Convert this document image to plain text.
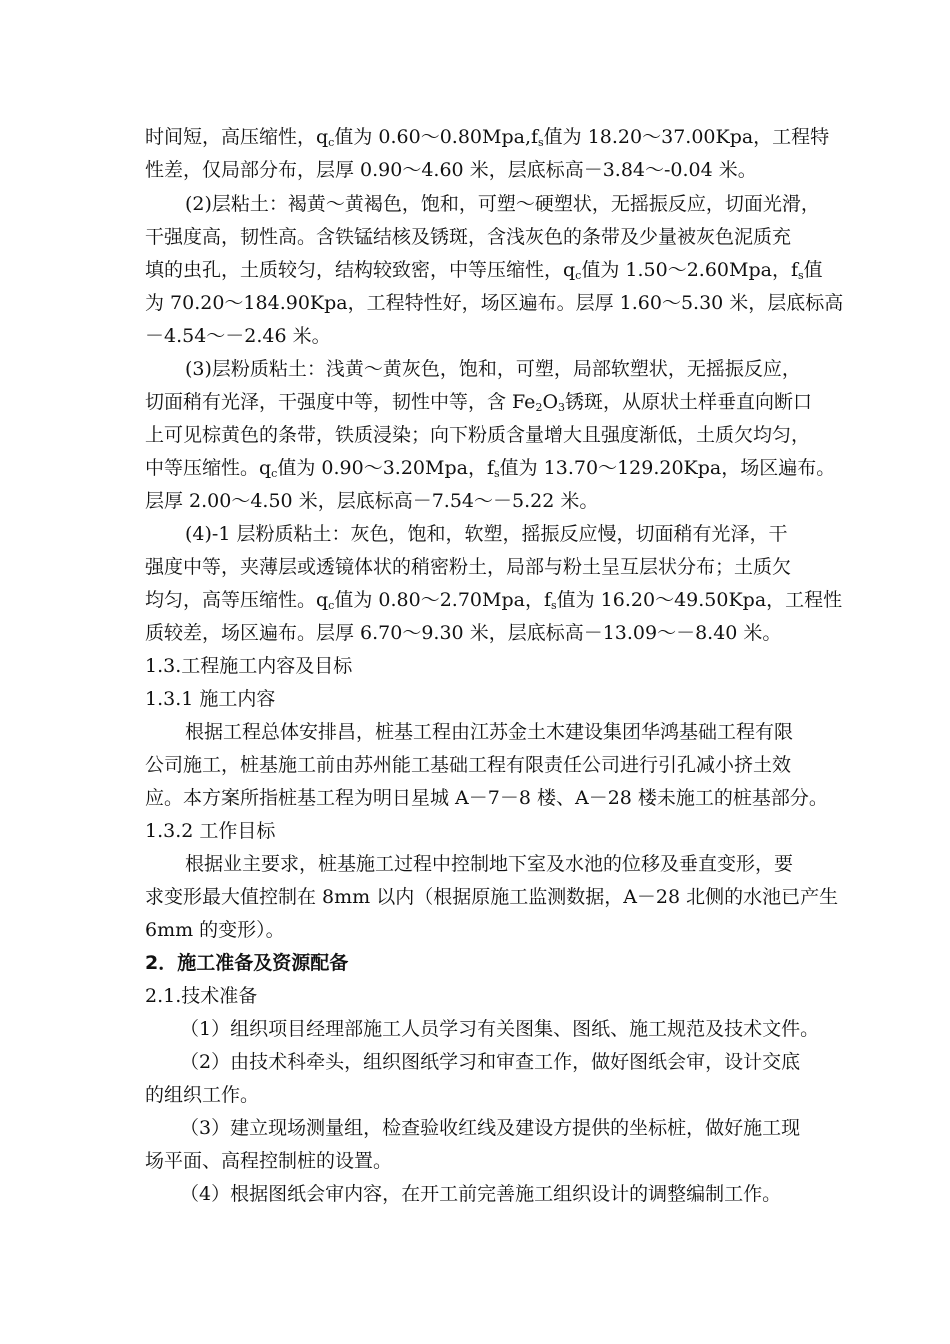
时间短，高压缩性，$q_c$值为 $0.60\sim 0.80Mpa,f_s$值为 18.20～37.00Kpa，工程特
性差，仅局部分布，层厚 0.90～4.60 米，层底标高－3.84～-0.04 米。
(2)层粘土：褐黄～黄褐色，饱和，可塑～硬塑状，无摇振反应，切面光滑，
干强度高，韧性高。含铁锰结核及锈斑，含浅灰色的条带及少量被灰色泥质充
填的虫孔，土质较匀，结构较致密，中等压缩性，$q_c$值为 1.50～2.60Mpa，$f_s$值
为 70.20～184.90Kpa，工程特性好，场区遍布。层厚 1.60～5.30 米，层底标高
－4.54～－2.46 米。
(3)层粉质粘土：浅黄～黄灰色，饱和，可塑，局部软塑状，无摇振反应，
切面稍有光泽，干强度中等，韧性中等，含 $Fe_2O_3$锈斑，从原状土样垂直向断口
上可见棕黄色的条带，铁质浸染；向下粉质含量增大且强度渐低，土质欠均匀，
中等压缩性。$q_c$值为 0.90～3.20Mpa，$f_s$值为 13.70～129.20Kpa，场区遍布。
层厚 2.00～4.50 米，层底标高－7.54～－5.22 米。
(4)-1 层粉质粘土：灰色，饱和，软塑，摇振反应慢，切面稍有光泽，干
强度中等，夹薄层或透镜体状的稍密粉土，局部与粉土呈互层状分布；土质欠
均匀，高等压缩性。$q_c$值为 0.80～2.70Mpa，$f_s$值为 16.20～49.50Kpa，工程性
质较差，场区遍布。层厚 6.70～9.30 米，层底标高－13.09～－8.40 米。
1.3.工程施工内容及目标
1.3.1 施工内容
根据工程总体安排昌，桩基工程由江苏金土木建设集团华鸿基础工程有限
公司施工，桩基施工前由苏州能工基础工程有限责任公司进行引孔减小挤土效
应。本方案所指桩基工程为明日星城 A－7－8 楼、A－28 楼未施工的桩基部分。
1.3.2 工作目标
根据业主要求，桩基施工过程中控制地下室及水池的位移及垂直变形，要
求变形最大值控制在 8mm 以内（根据原施工监测数据，A－28 北侧的水池已产生
6mm 的变形）。
2．施工准备及资源配备
2.1.技术准备
（1）组织项目经理部施工人员学习有关图集、图纸、施工规范及技术文件。
（2）由技术科牵头，组织图纸学习和审查工作，做好图纸会审，设计交底
的组织工作。
（3）建立现场测量组，检查验收红线及建设方提供的坐标桩，做好施工现
场平面、高程控制桩的设置。
（4）根据图纸会审内容，在开工前完善施工组织设计的调整编制工作。
